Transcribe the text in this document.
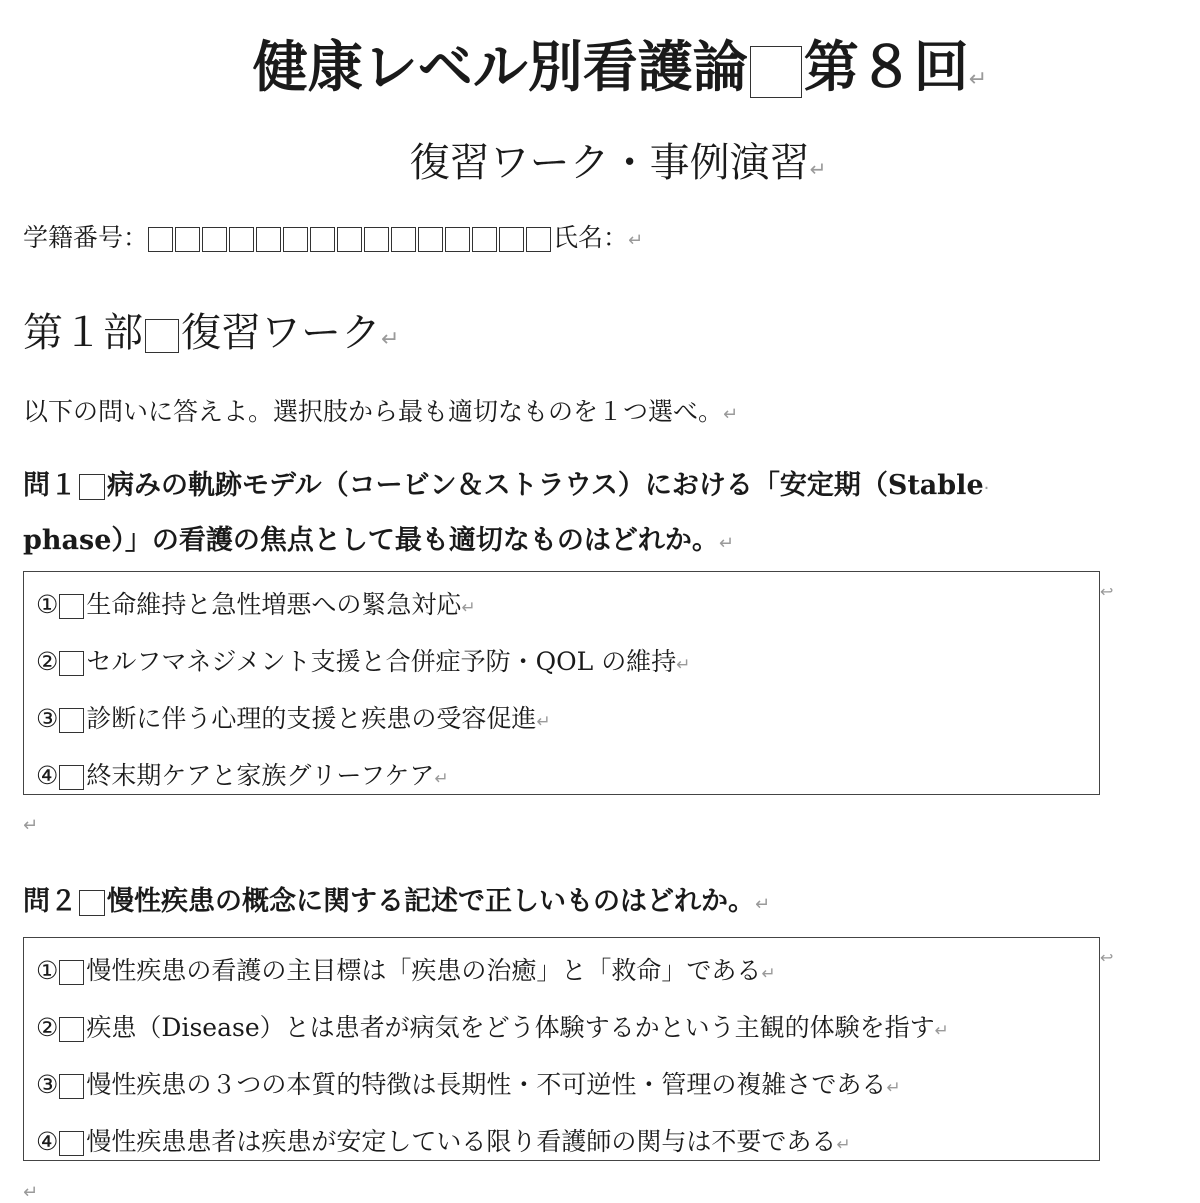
健康レベル別看護論 第８回↵
復習ワーク・事例演習↵
学籍番号：	氏名：↵
第１部 復習ワーク↵
以下の問いに答えよ。選択肢から最も適切なものを１つ選べ。↵
問１ 病みの軌跡モデル（コービン＆ストラウス）における「安定期（Stable·
phase）」の看護の焦点として最も適切なものはどれか。↵
① 生命維持と急性増悪への緊急対応↵
② セルフマネジメント支援と合併症予防・QOL の維持↵
③ 診断に伴う心理的支援と疾患の受容促進↵
④ 終末期ケアと家族グリーフケア↵
↩
↵
問２ 慢性疾患の概念に関する記述で正しいものはどれか。↵
① 慢性疾患の看護の主目標は「疾患の治癒」と「救命」である↵
② 疾患（Disease）とは患者が病気をどう体験するかという主観的体験を指す↵
③ 慢性疾患の３つの本質的特徴は長期性・不可逆性・管理の複雑さである↵
④ 慢性疾患患者は疾患が安定している限り看護師の関与は不要である↵
↩
↵
